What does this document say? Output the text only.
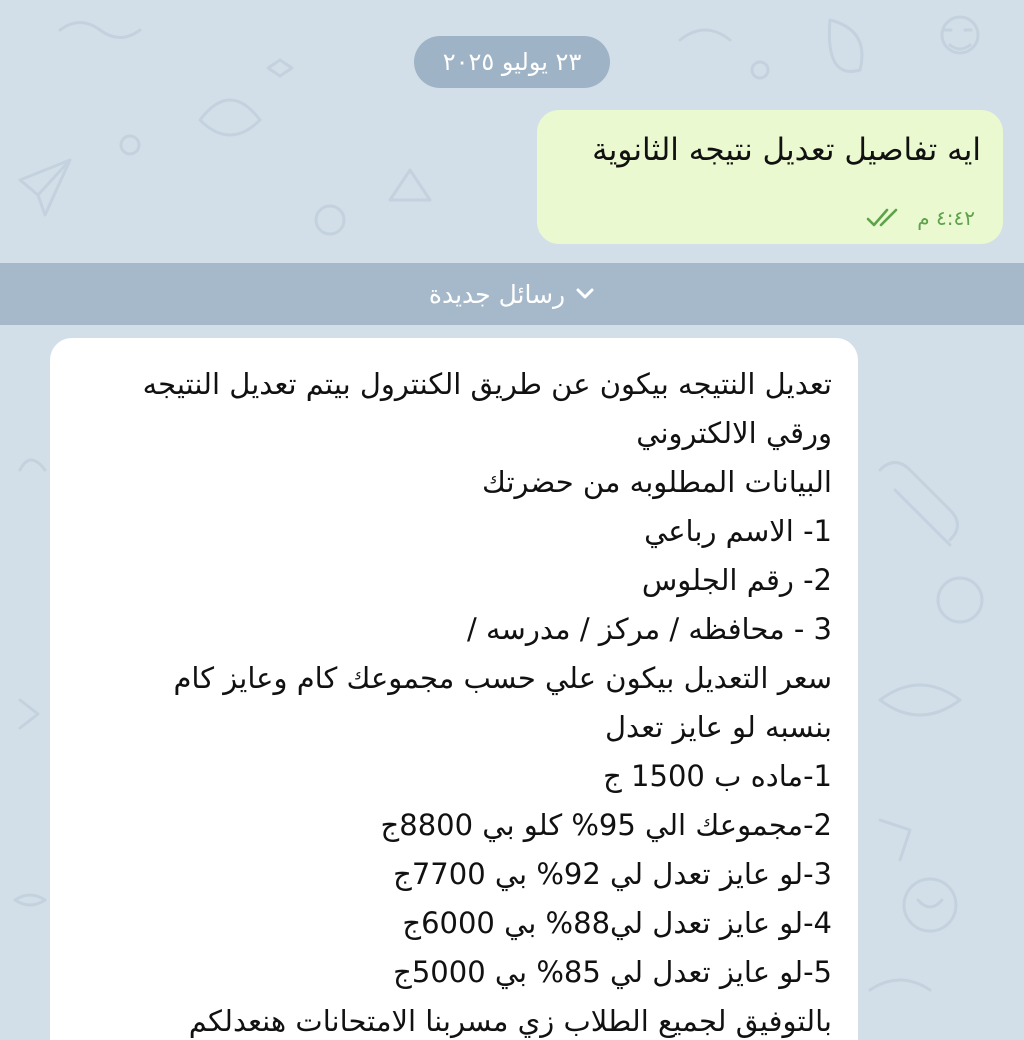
٢٣ يوليو ٢٠٢٥
ايه تفاصيل تعديل نتيجه الثانوية
٤:٤٢ م
رسائل جديدة
تعديل النتيجه بيكون عن طريق الكنترول بيتم تعديل النتيجه
ورقي الالكتروني
البيانات المطلوبه من حضرتك
1- الاسم رباعي
2- رقم الجلوس
3 - محافظه / مركز / مدرسه /
سعر التعديل بيكون علي حسب مجموعك كام وعايز كام
بنسبه لو عايز تعدل
1-ماده ب 1500 ج
2-مجموعك الي 95% كلو بي 8800ج
3-لو عايز تعدل لي 92% بي 7700ج
4-لو عايز تعدل لي88% بي 6000ج
5-لو عايز تعدل لي 85% بي 5000ج
بالتوفيق لجميع الطلاب زي مسربنا الامتحانات هنعدلكم
